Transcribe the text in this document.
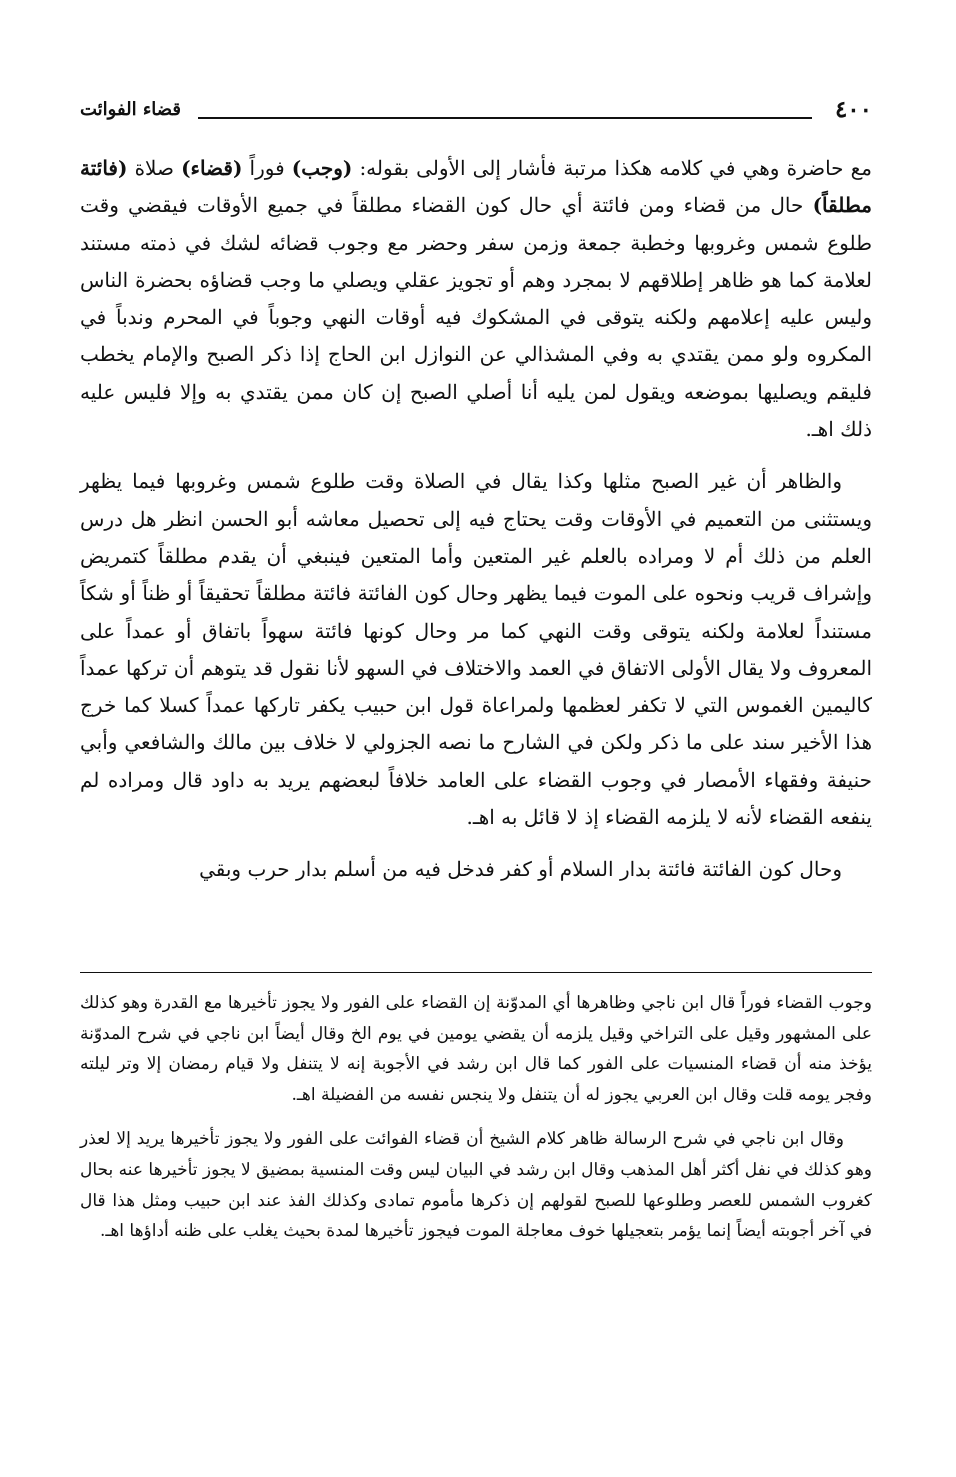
٤٠٠
قضاء الفوائت

مع حاضرة وهي في كلامه هكذا مرتبة فأشار إلى الأولى بقوله: (وجب) فوراً (قضاء) صلاة (فائتة مطلقاً) حال من قضاء ومن فائتة أي حال كون القضاء مطلقاً في جميع الأوقات فيقضي وقت طلوع شمس وغروبها وخطبة جمعة وزمن سفر وحضر مع وجوب قضائه لشك في ذمته مستند لعلامة كما هو ظاهر إطلاقهم لا بمجرد وهم أو تجويز عقلي ويصلي ما وجب قضاؤه بحضرة الناس وليس عليه إعلامهم ولكنه يتوقى في المشكوك فيه أوقات النهي وجوباً في المحرم وندباً في المكروه ولو ممن يقتدي به وفي المشذالي عن النوازل ابن الحاج إذا ذكر الصبح والإمام يخطب فليقم ويصليها بموضعه ويقول لمن يليه أنا أصلي الصبح إن كان ممن يقتدي به وإلا فليس عليه ذلك اهـ.

والظاهر أن غير الصبح مثلها وكذا يقال في الصلاة وقت طلوع شمس وغروبها فيما يظهر ويستثنى من التعميم في الأوقات وقت يحتاج فيه إلى تحصيل معاشه أبو الحسن انظر هل درس العلم من ذلك أم لا ومراده بالعلم غير المتعين وأما المتعين فينبغي أن يقدم مطلقاً كتمريض وإشراف قريب ونحوه على الموت فيما يظهر وحال كون الفائتة فائتة مطلقاً تحقيقاً أو ظناً أو شكاً مستنداً لعلامة ولكنه يتوقى وقت النهي كما مر وحال كونها فائتة سهواً باتفاق أو عمداً على المعروف ولا يقال الأولى الاتفاق في العمد والاختلاف في السهو لأنا نقول قد يتوهم أن تركها عمداً كاليمين الغموس التي لا تكفر لعظمها ولمراعاة قول ابن حبيب يكفر تاركها عمداً كسلا كما خرج هذا الأخير سند على ما ذكر ولكن في الشارح ما نصه الجزولي لا خلاف بين مالك والشافعي وأبي حنيفة وفقهاء الأمصار في وجوب القضاء على العامد خلافاً لبعضهم يريد به داود قال ومراده لم ينفعه القضاء لأنه لا يلزمه القضاء إذ لا قائل به اهـ.

وحال كون الفائتة فائتة بدار السلام أو كفر فدخل فيه من أسلم بدار حرب وبقي

وجوب القضاء فوراً قال ابن ناجي وظاهرها أي المدوّنة إن القضاء على الفور ولا يجوز تأخيرها مع القدرة وهو كذلك على المشهور وقيل على التراخي وقيل يلزمه أن يقضي يومين في يوم الخ وقال أيضاً ابن ناجي في شرح المدوّنة يؤخذ منه أن قضاء المنسيات على الفور كما قال ابن رشد في الأجوبة إنه لا يتنفل ولا قيام رمضان إلا وتر ليلته وفجر يومه قلت وقال ابن العربي يجوز له أن يتنفل ولا ينجس نفسه من الفضيلة اهـ.

وقال ابن ناجي في شرح الرسالة ظاهر كلام الشيخ أن قضاء الفوائت على الفور ولا يجوز تأخيرها يريد إلا لعذر وهو كذلك في نفل أكثر أهل المذهب وقال ابن رشد في البيان ليس وقت المنسية بمضيق لا يجوز تأخيرها عنه بحال كغروب الشمس للعصر وطلوعها للصبح لقولهم إن ذكرها مأموم تمادى وكذلك الفذ عند ابن حبيب ومثل هذا قال في آخر أجوبته أيضاً إنما يؤمر بتعجيلها خوف معاجلة الموت فيجوز تأخيرها لمدة بحيث يغلب على ظنه أداؤها اهـ.
